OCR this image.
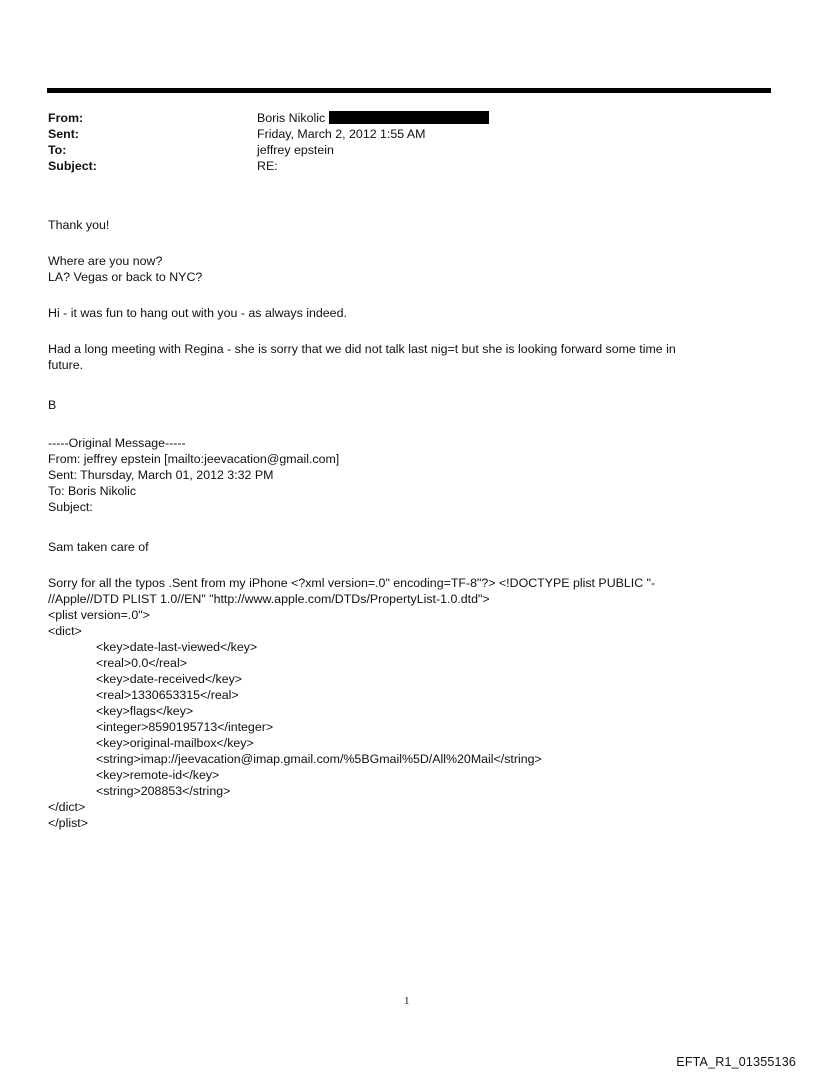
From:	Boris Nikolic
Sent:	Friday, March 2, 2012 1:55 AM
To:	jeffrey epstein
Subject:	RE:
Thank you!
Where are you now?
LA? Vegas or back to NYC?
Hi - it was fun to hang out with you - as always indeed.
Had a long meeting with Regina - she is sorry that we did not talk last nig=t but she is looking forward some time in
future.
B
-----Original Message-----
From: jeffrey epstein [mailto:jeevacation@gmail.com]
Sent: Thursday, March 01, 2012 3:32 PM
To: Boris Nikolic
Subject:
Sam taken care of
Sorry for all the typos .Sent from my iPhone <?xml version=.0" encoding=TF-8"?> <!DOCTYPE plist PUBLIC "-
//Apple//DTD PLIST 1.0//EN" "http://www.apple.com/DTDs/PropertyList-1.0.dtd">
<plist version=.0">
<dict>
<key>date-last-viewed</key>
<real>0.0</real>
<key>date-received</key>
<real>1330653315</real>
<key>flags</key>
<integer>8590195713</integer>
<key>original-mailbox</key>
<string>imap://jeevacation@imap.gmail.com/%5BGmail%5D/All%20Mail</string>
<key>remote-id</key>
<string>208853</string>
</dict>
</plist>
1
EFTA_R1_01355136
